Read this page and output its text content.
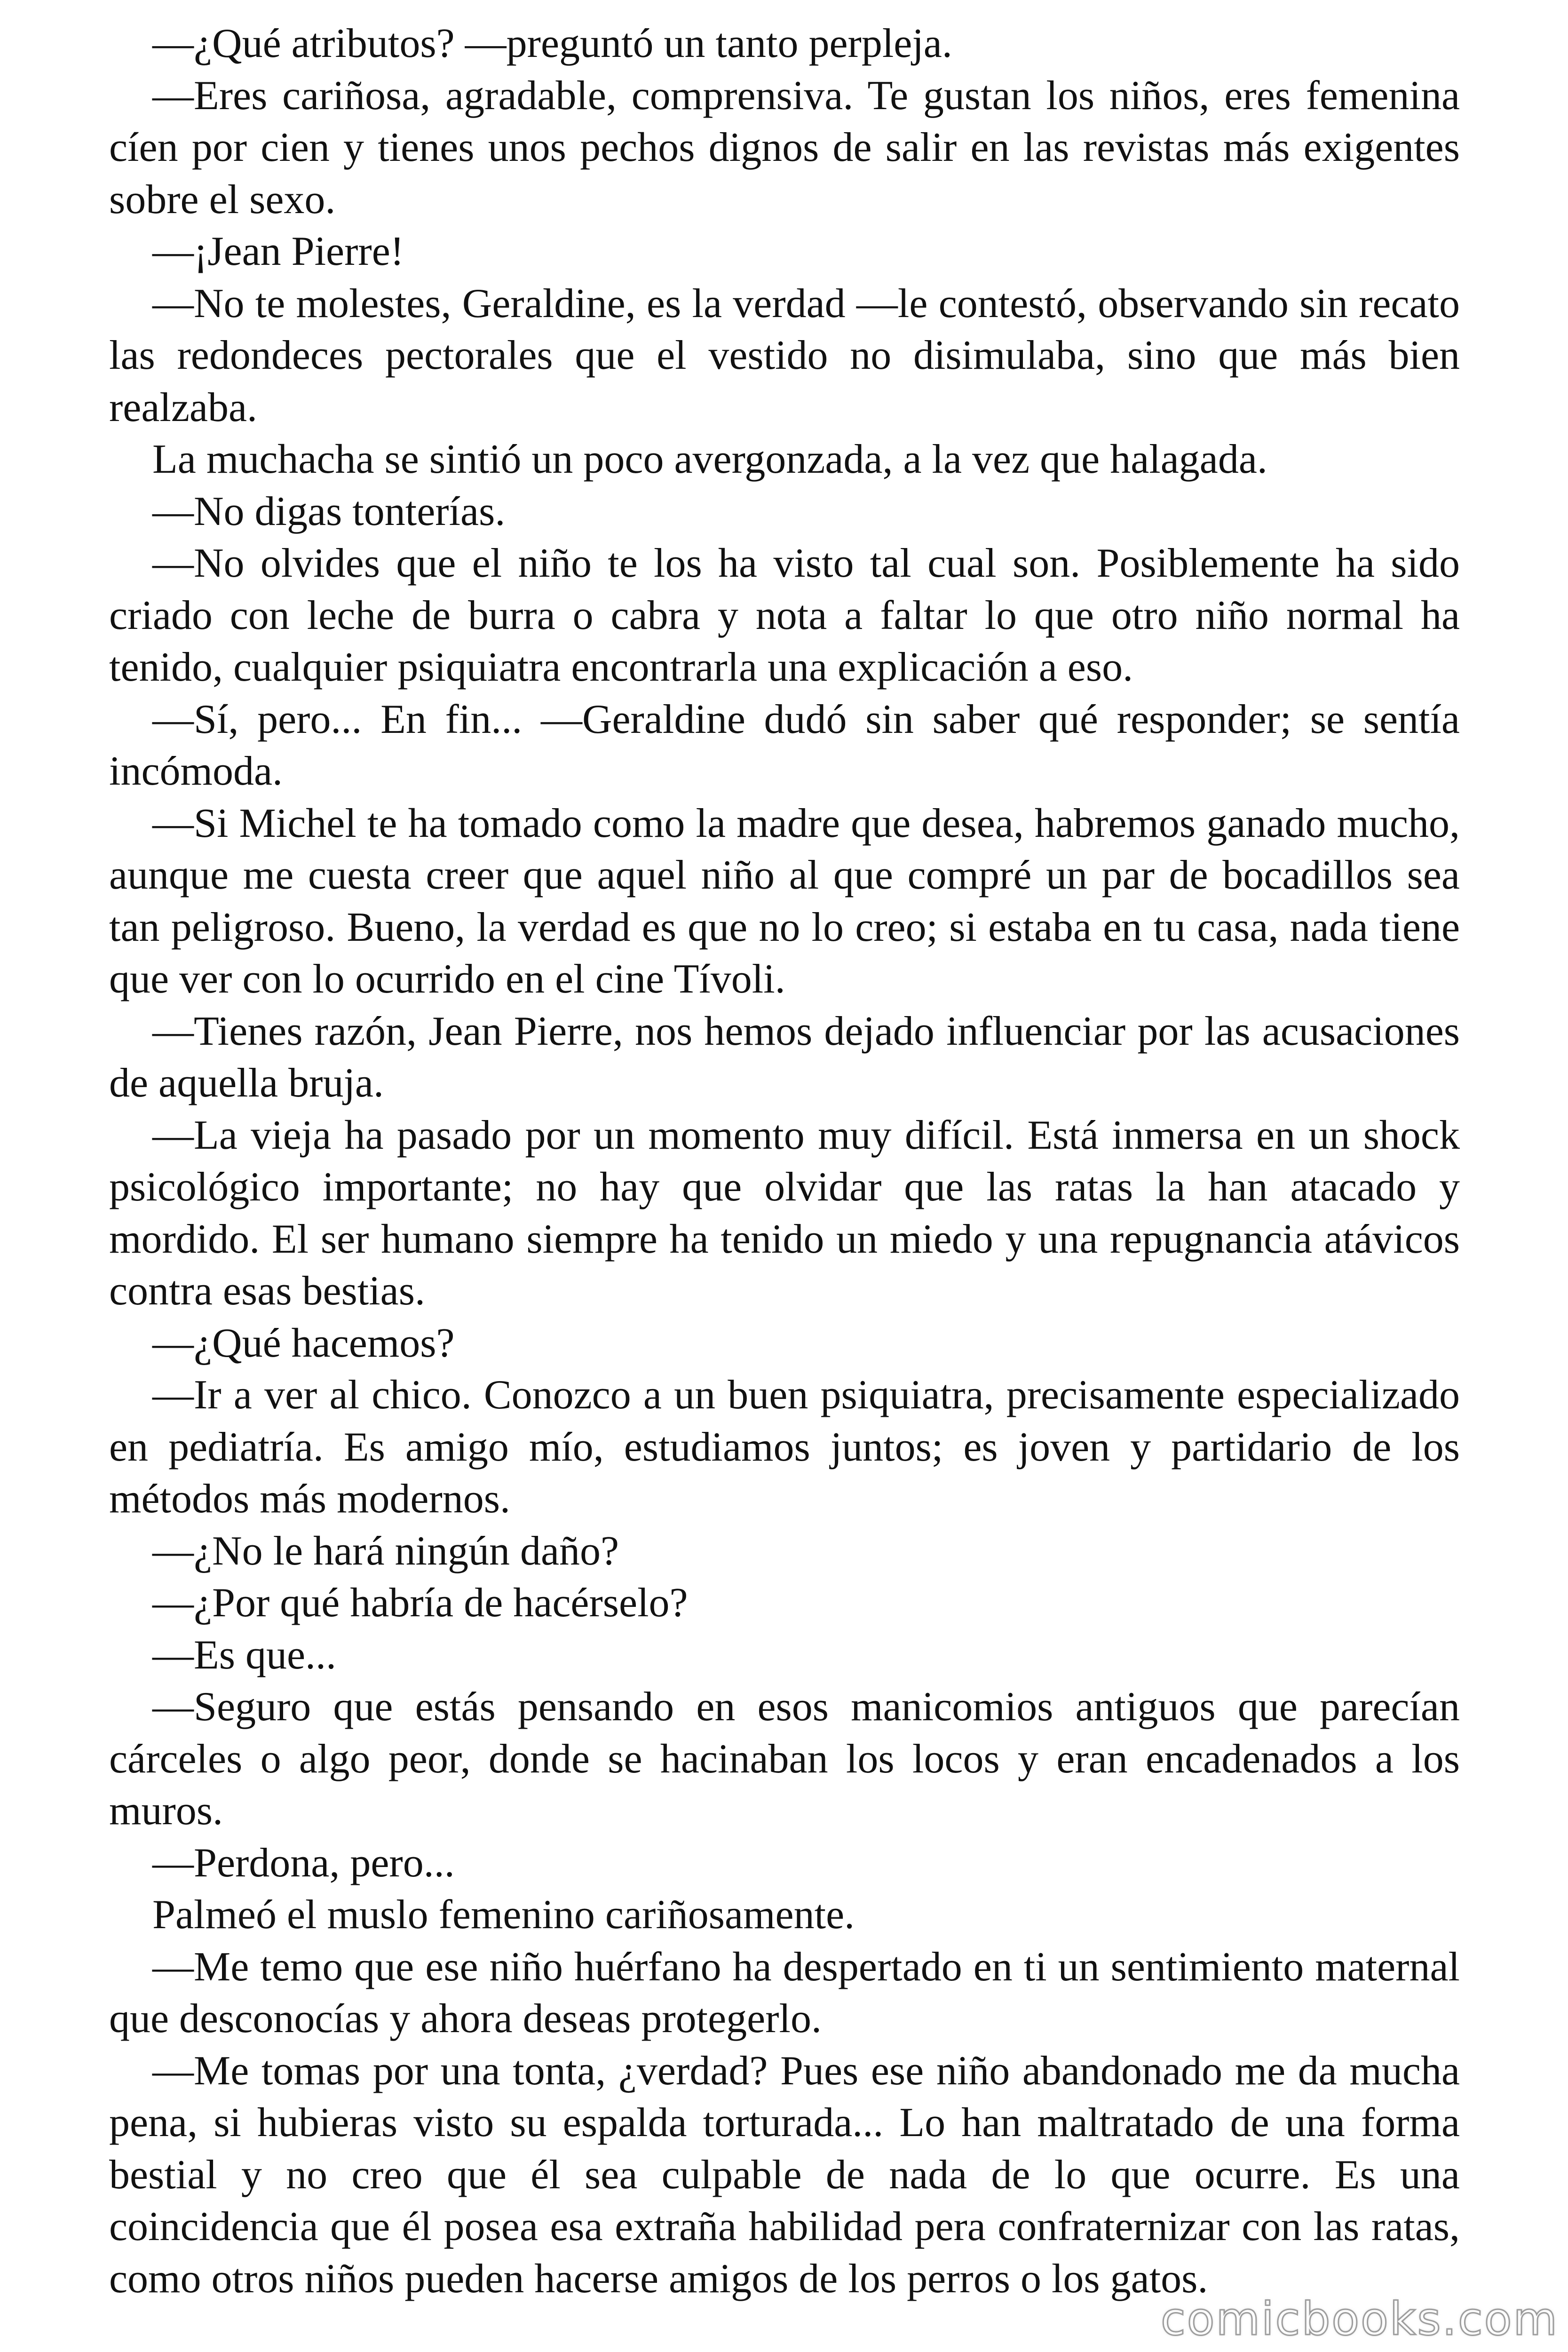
—¿Qué atributos? —preguntó un tanto perpleja.

—Eres cariñosa, agradable, comprensiva. Te gustan los niños, eres femenina cíen por cien y tienes unos pechos dignos de salir en las revistas más exigentes sobre el sexo.

—¡Jean Pierre!

—No te molestes, Geraldine, es la verdad —le contestó, observando sin recato las redondeces pectorales que el vestido no disimulaba, sino que más bien realzaba.

La muchacha se sintió un poco avergonzada, a la vez que halagada.

—No digas tonterías.

—No olvides que el niño te los ha visto tal cual son. Posiblemente ha sido criado con leche de burra o cabra y nota a faltar lo que otro niño normal ha tenido, cualquier psiquiatra encontrarla una explicación a eso.

—Sí, pero... En fin... —Geraldine dudó sin saber qué responder; se sentía incómoda.

—Si Michel te ha tomado como la madre que desea, habremos ganado mucho, aunque me cuesta creer que aquel niño al que compré un par de bocadillos sea tan peligroso. Bueno, la verdad es que no lo creo; si estaba en tu casa, nada tiene que ver con lo ocurrido en el cine Tívoli.

—Tienes razón, Jean Pierre, nos hemos dejado influenciar por las acusaciones de aquella bruja.

—La vieja ha pasado por un momento muy difícil. Está inmersa en un shock psicológico importante; no hay que olvidar que las ratas la han atacado y mordido. El ser humano siempre ha tenido un miedo y una repugnancia atávicos contra esas bestias.

—¿Qué hacemos?

—Ir a ver al chico. Conozco a un buen psiquiatra, precisamente especializado en pediatría. Es amigo mío, estudiamos juntos; es joven y partidario de los métodos más modernos.

—¿No le hará ningún daño?

—¿Por qué habría de hacérselo?

—Es que...

—Seguro que estás pensando en esos manicomios antiguos que parecían cárceles o algo peor, donde se hacinaban los locos y eran encadenados a los muros.

—Perdona, pero...

Palmeó el muslo femenino cariñosamente.

—Me temo que ese niño huérfano ha despertado en ti un sentimiento maternal que desconocías y ahora deseas protegerlo.

—Me tomas por una tonta, ¿verdad? Pues ese niño abandonado me da mucha pena, si hubieras visto su espalda torturada... Lo han maltratado de una forma bestial y no creo que él sea culpable de nada de lo que ocurre. Es una coincidencia que él posea esa extraña habilidad pera confraternizar con las ratas, como otros niños pueden hacerse amigos de los perros o los gatos.

comicbooks.com
